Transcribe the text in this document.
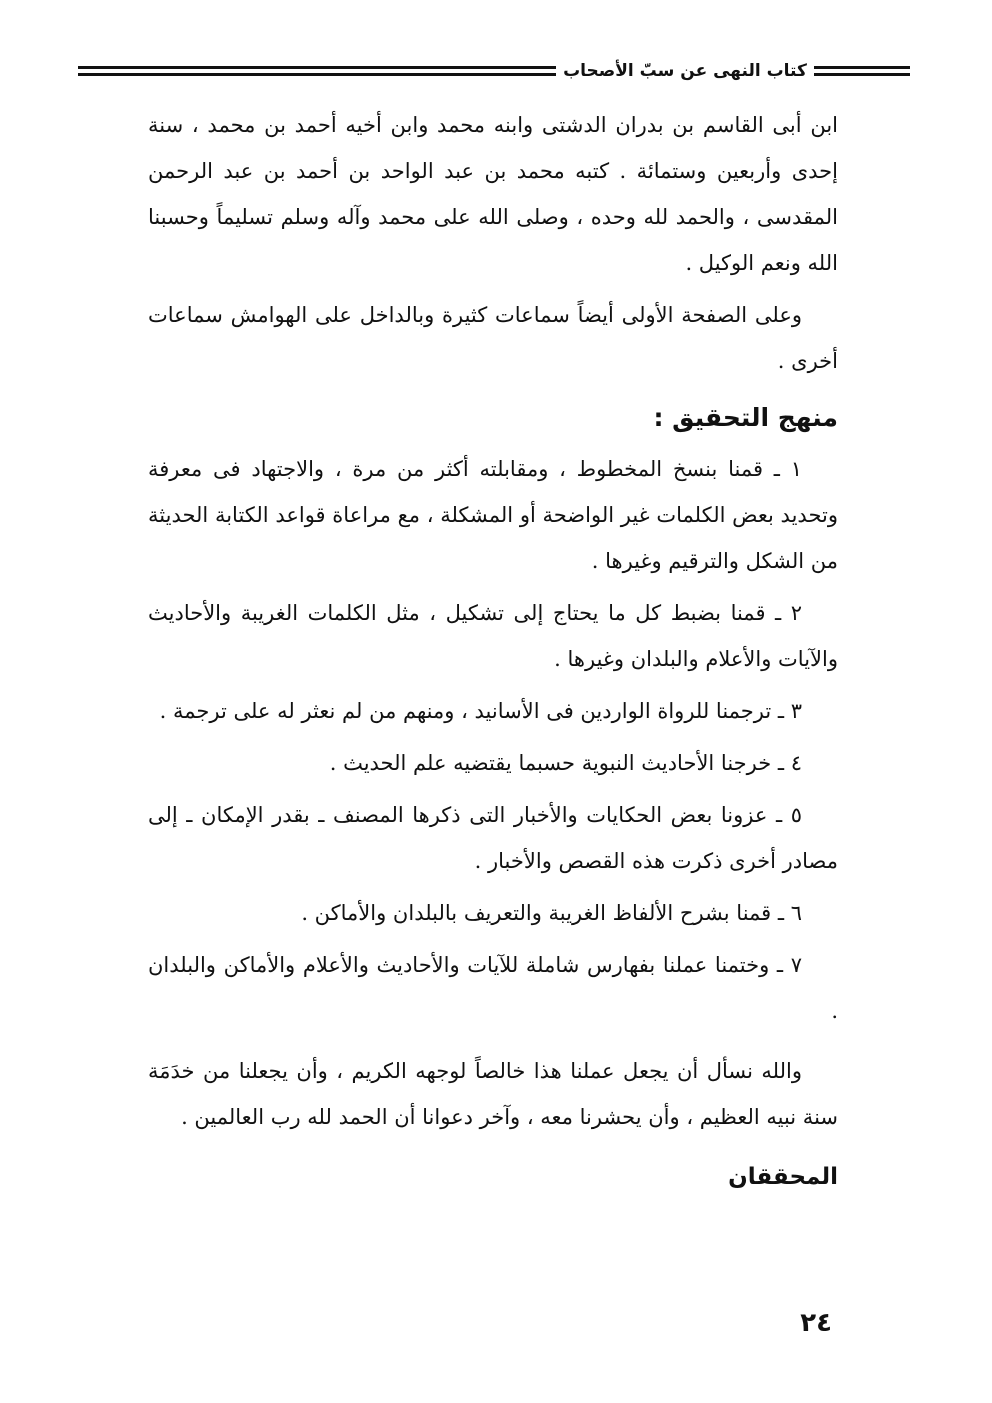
كتاب النهى عن سبّ الأصحاب

ابن أبى القاسم بن بدران الدشتى وابنه محمد وابن أخيه أحمد بن محمد ، سنة إحدى وأربعين وستمائة . كتبه محمد بن عبد الواحد بن أحمد بن عبد الرحمن المقدسى ، والحمد لله وحده ، وصلى الله على محمد وآله وسلم تسليماً وحسبنا الله ونعم الوكيل .

وعلى الصفحة الأولى أيضاً سماعات كثيرة وبالداخل على الهوامش سماعات أخرى .

منهج التحقيق :

١ ـ قمنا بنسخ المخطوط ، ومقابلته أكثر من مرة ، والاجتهاد فى معرفة وتحديد بعض الكلمات غير الواضحة أو المشكلة ، مع مراعاة قواعد الكتابة الحديثة من الشكل والترقيم وغيرها .

٢ ـ قمنا بضبط كل ما يحتاج إلى تشكيل ، مثل الكلمات الغريبة والأحاديث والآيات والأعلام والبلدان وغيرها .

٣ ـ ترجمنا للرواة الواردين فى الأسانيد ، ومنهم من لم نعثر له على ترجمة .

٤ ـ خرجنا الأحاديث النبوية حسبما يقتضيه علم الحديث .

٥ ـ عزونا بعض الحكايات والأخبار التى ذكرها المصنف ـ بقدر الإمكان ـ إلى مصادر أخرى ذكرت هذه القصص والأخبار .

٦ ـ قمنا بشرح الألفاظ الغريبة والتعريف بالبلدان والأماكن .

٧ ـ وختمنا عملنا بفهارس شاملة للآيات والأحاديث والأعلام والأماكن والبلدان .

والله نسأل أن يجعل عملنا هذا خالصاً لوجهه الكريم ، وأن يجعلنا من خدَمَة سنة نبيه العظيم ، وأن يحشرنا معه ، وآخر دعوانا أن الحمد لله رب العالمين .

المحققان
٢٤
